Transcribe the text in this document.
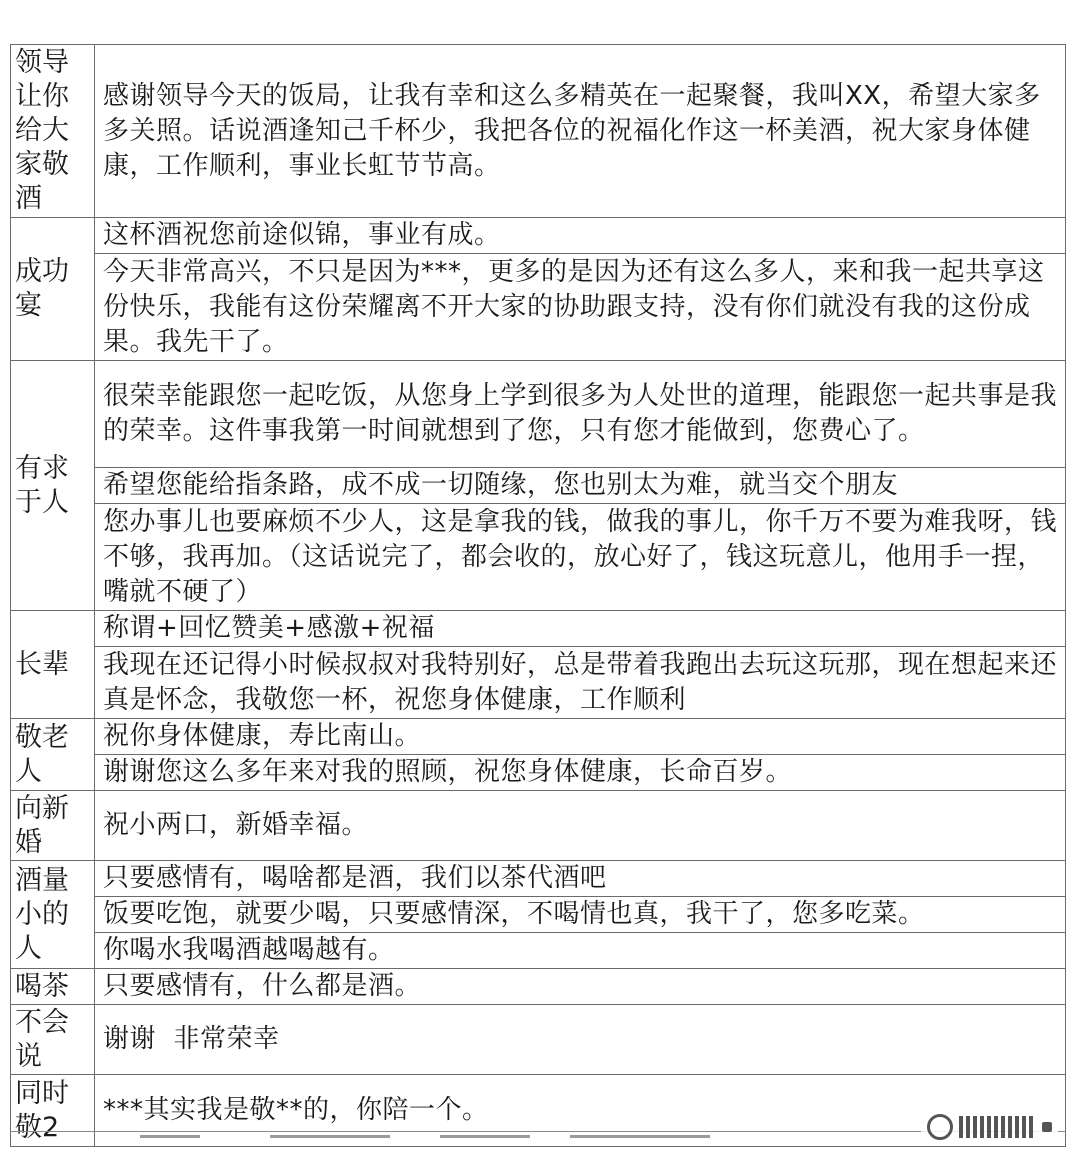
领导让你给大家敬酒	感谢领导今天的饭局，让我有幸和这么多精英在一起聚餐，我叫XX，希望大家多多关照。话说酒逢知己千杯少，我把各位的祝福化作这一杯美酒，祝大家身体健康，工作顺利，事业长虹节节高。
成功宴	这杯酒祝您前途似锦，事业有成。
	今天非常高兴，不只是因为***，更多的是因为还有这么多人，来和我一起共享这份快乐，我能有这份荣耀离不开大家的协助跟支持，没有你们就没有我的这份成果。我先干了。
有求于人	很荣幸能跟您一起吃饭，从您身上学到很多为人处世的道理，能跟您一起共事是我的荣幸。这件事我第一时间就想到了您，只有您才能做到，您费心了。
	希望您能给指条路，成不成一切随缘，您也别太为难，就当交个朋友
	您办事儿也要麻烦不少人，这是拿我的钱，做我的事儿，你千万不要为难我呀，钱不够，我再加。（这话说完了，都会收的，放心好了，钱这玩意儿，他用手一捏，嘴就不硬了）
长辈	称谓+回忆赞美+感激+祝福
	我现在还记得小时候叔叔对我特别好，总是带着我跑出去玩这玩那，现在想起来还真是怀念，我敬您一杯，祝您身体健康，工作顺利
敬老人	祝你身体健康，寿比南山。
	谢谢您这么多年来对我的照顾，祝您身体健康，长命百岁。
向新婚	祝小两口，新婚幸福。
酒量小的人	只要感情有，喝啥都是酒，我们以茶代酒吧
	饭要吃饱，就要少喝，只要感情深，不喝情也真，我干了，您多吃菜。
	你喝水我喝酒越喝越有。
喝茶	只要感情有，什么都是酒。
不会说	谢谢  非常荣幸
同时敬2	***其实我是敬**的，你陪一个。
